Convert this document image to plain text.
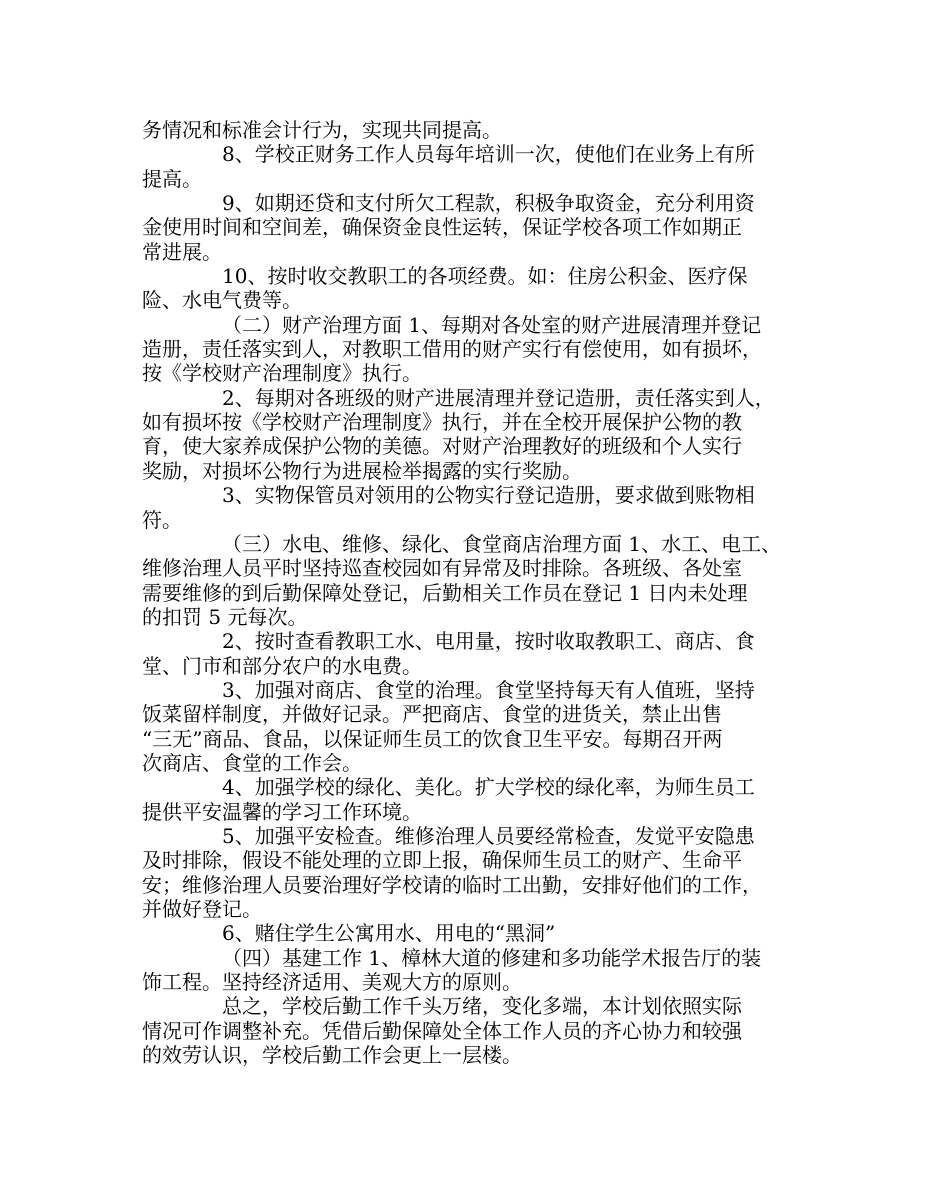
务情况和标准会计行为，实现共同提高。

8、学校正财务工作人员每年培训一次，使他们在业务上有所

提高。

9、如期还贷和支付所欠工程款，积极争取资金，充分利用资

金使用时间和空间差，确保资金良性运转，保证学校各项工作如期正

常进展。

10、按时收交教职工的各项经费。如：住房公积金、医疗保

险、水电气费等。

（二）财产治理方面 1、每期对各处室的财产进展清理并登记

造册，责任落实到人，对教职工借用的财产实行有偿使用，如有损坏，

按《学校财产治理制度》执行。

2、每期对各班级的财产进展清理并登记造册，责任落实到人，

如有损坏按《学校财产治理制度》执行，并在全校开展保护公物的教

育，使大家养成保护公物的美德。对财产治理教好的班级和个人实行

奖励，对损坏公物行为进展检举揭露的实行奖励。

3、实物保管员对领用的公物实行登记造册，要求做到账物相

符。

（三）水电、维修、绿化、食堂商店治理方面 1、水工、电工、

维修治理人员平时坚持巡查校园如有异常及时排除。各班级、各处室

需要维修的到后勤保障处登记，后勤相关工作员在登记 1 日内未处理

的扣罚 5 元每次。

2、按时查看教职工水、电用量，按时收取教职工、商店、食

堂、门市和部分农户的水电费。

3、加强对商店、食堂的治理。食堂坚持每天有人值班，坚持

饭菜留样制度，并做好记录。严把商店、食堂的进货关，禁止出售

“三无”商品、食品，以保证师生员工的饮食卫生平安。每期召开两

次商店、食堂的工作会。

4、加强学校的绿化、美化。扩大学校的绿化率，为师生员工

提供平安温馨的学习工作环境。

5、加强平安检查。维修治理人员要经常检查，发觉平安隐患

及时排除，假设不能处理的立即上报，确保师生员工的财产、生命平

安；维修治理人员要治理好学校请的临时工出勤，安排好他们的工作，

并做好登记。

6、赌住学生公寓用水、用电的“黑洞”

（四）基建工作 1、樟林大道的修建和多功能学术报告厅的装

饰工程。坚持经济适用、美观大方的原则。

总之，学校后勤工作千头万绪，变化多端，本计划依照实际

情况可作调整补充。凭借后勤保障处全体工作人员的齐心协力和较强

的效劳认识，学校后勤工作会更上一层楼。
